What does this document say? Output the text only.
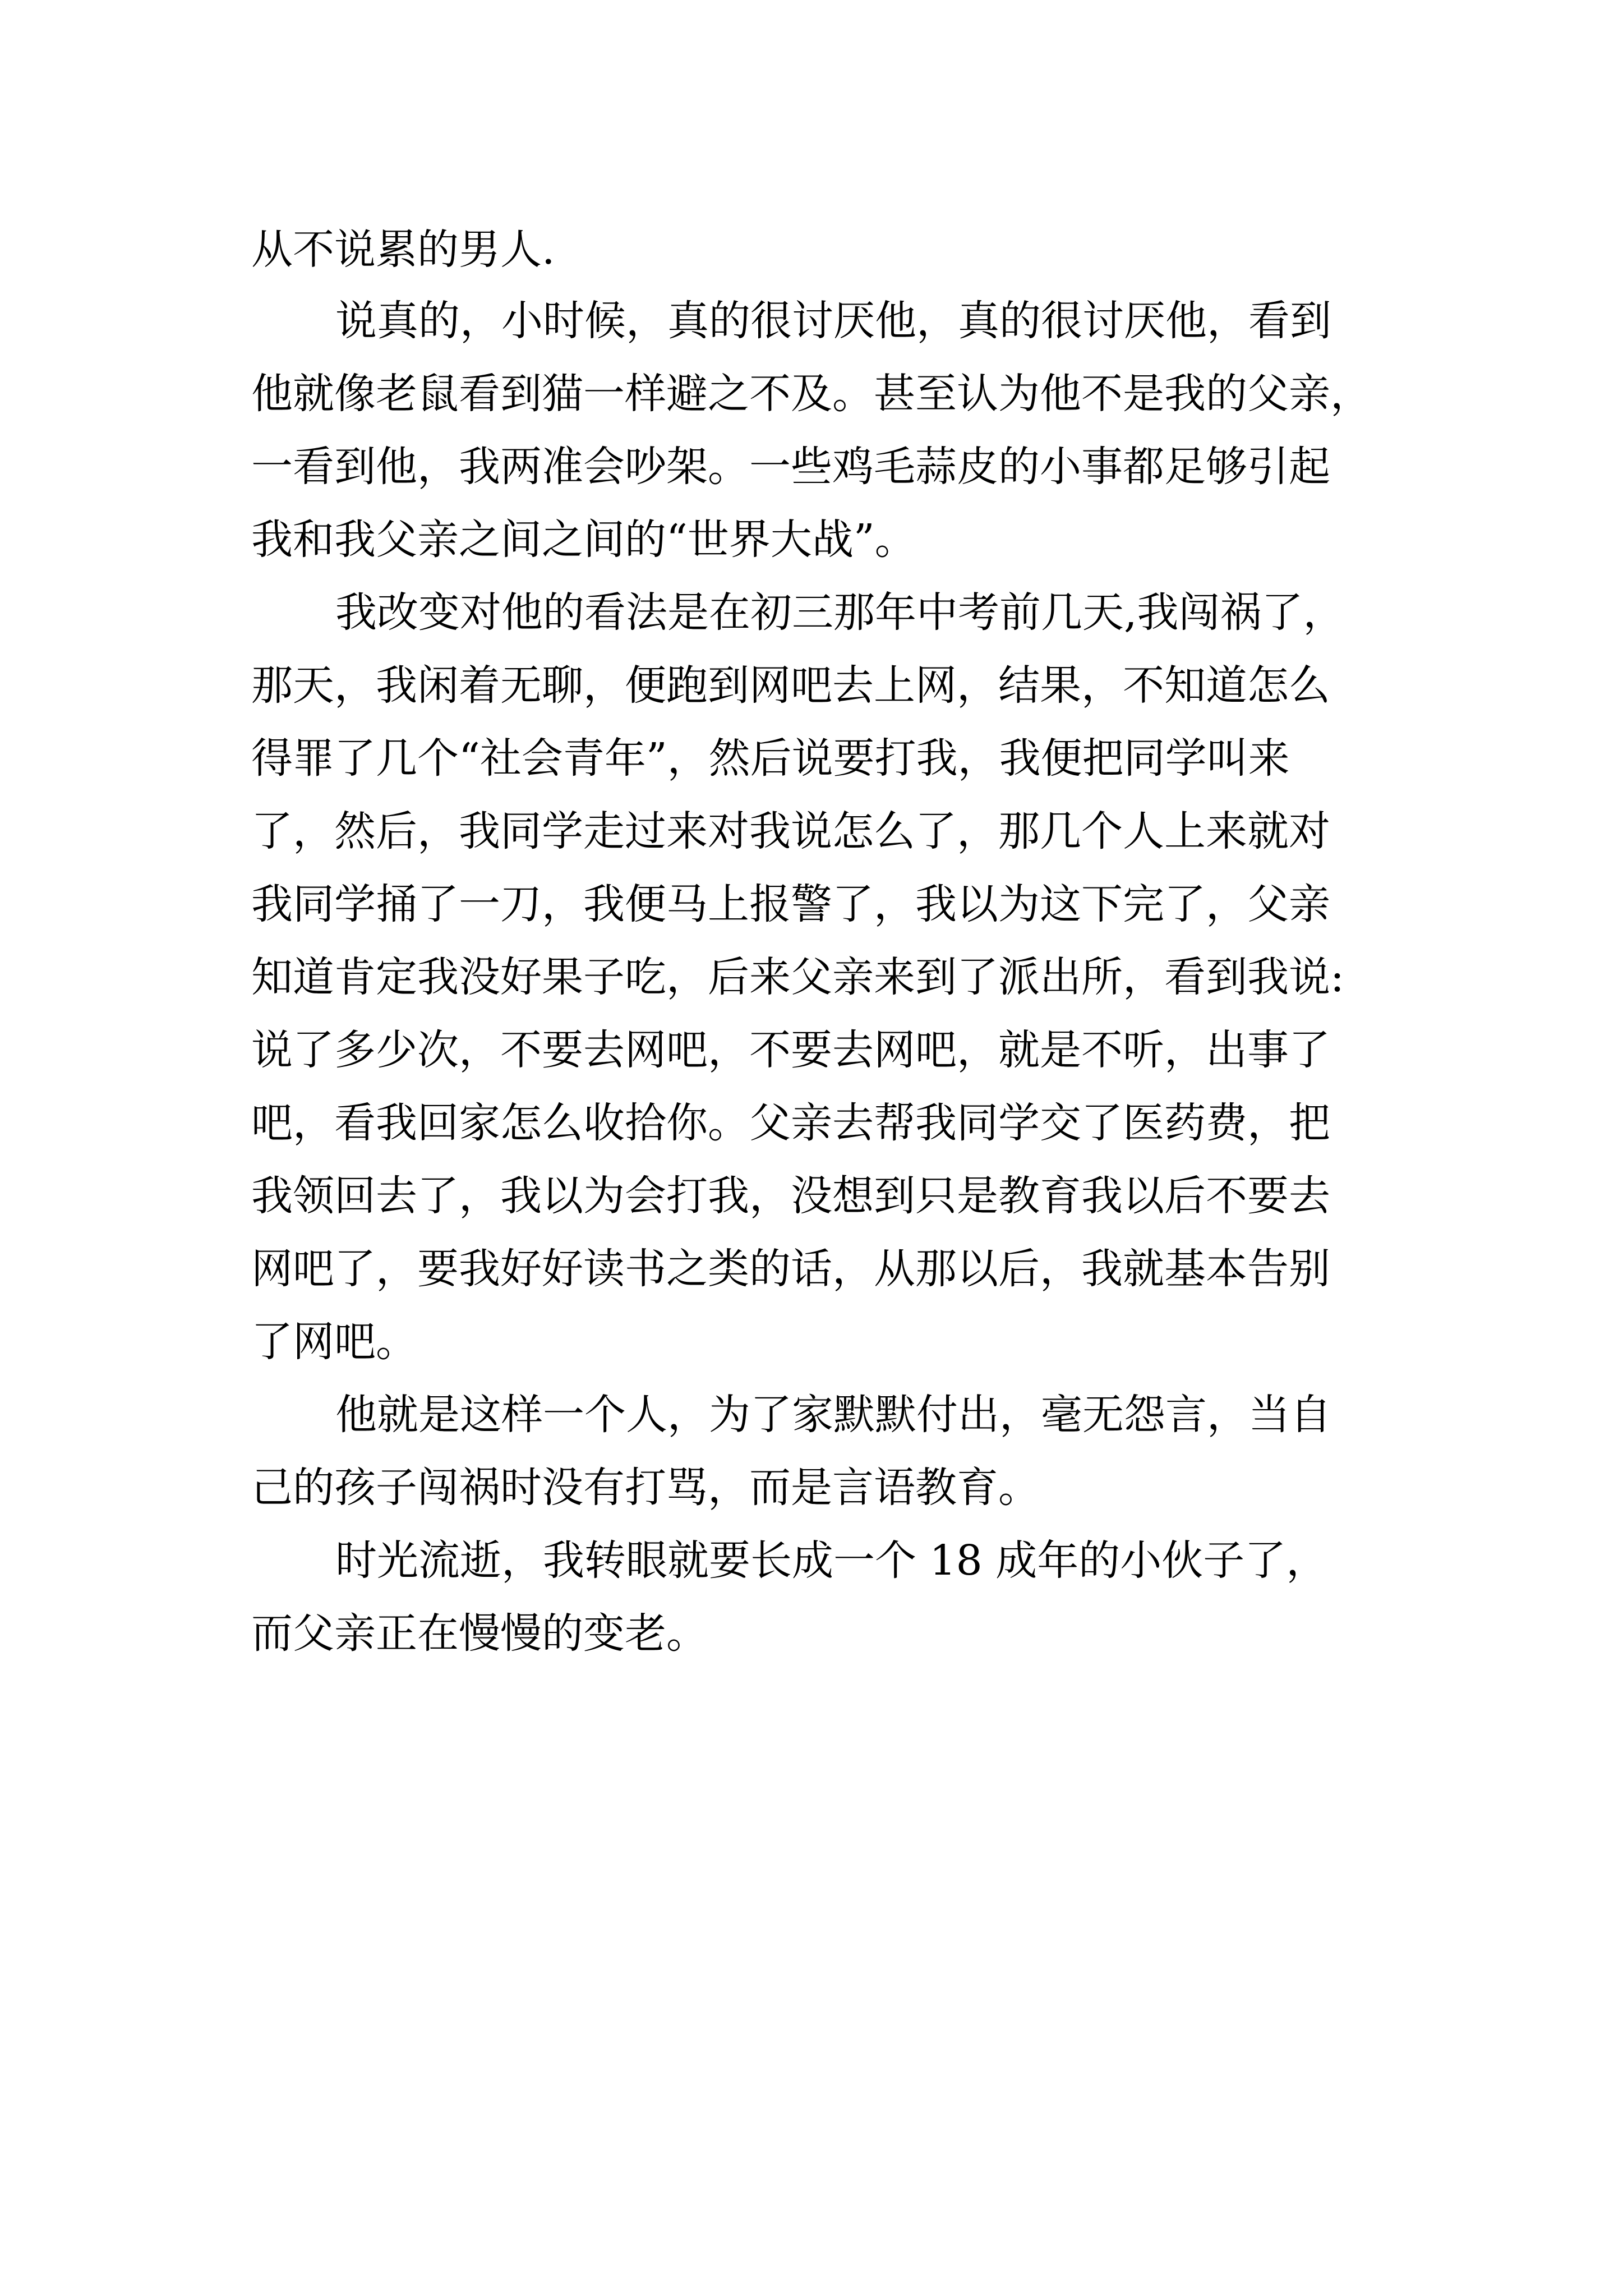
从不说累的男人.
说真的，小时候，真的很讨厌他，真的很讨厌他，看到
他就像老鼠看到猫一样避之不及。甚至认为他不是我的父亲，
一看到他，我两准会吵架。一些鸡毛蒜皮的小事都足够引起
我和我父亲之间之间的“世界大战”。
我改变对他的看法是在初三那年中考前几天,我闯祸了，
那天，我闲着无聊，便跑到网吧去上网，结果，不知道怎么
得罪了几个“社会青年”，然后说要打我，我便把同学叫来
了，然后，我同学走过来对我说怎么了，那几个人上来就对
我同学捅了一刀，我便马上报警了，我以为这下完了，父亲
知道肯定我没好果子吃，后来父亲来到了派出所，看到我说:
说了多少次，不要去网吧，不要去网吧，就是不听，出事了
吧，看我回家怎么收拾你。父亲去帮我同学交了医药费，把
我领回去了，我以为会打我，没想到只是教育我以后不要去
网吧了，要我好好读书之类的话，从那以后，我就基本告别
了网吧。
他就是这样一个人，为了家默默付出，毫无怨言，当自
己的孩子闯祸时没有打骂，而是言语教育。
时光流逝，我转眼就要长成一个 18 成年的小伙子了，
而父亲正在慢慢的变老。
